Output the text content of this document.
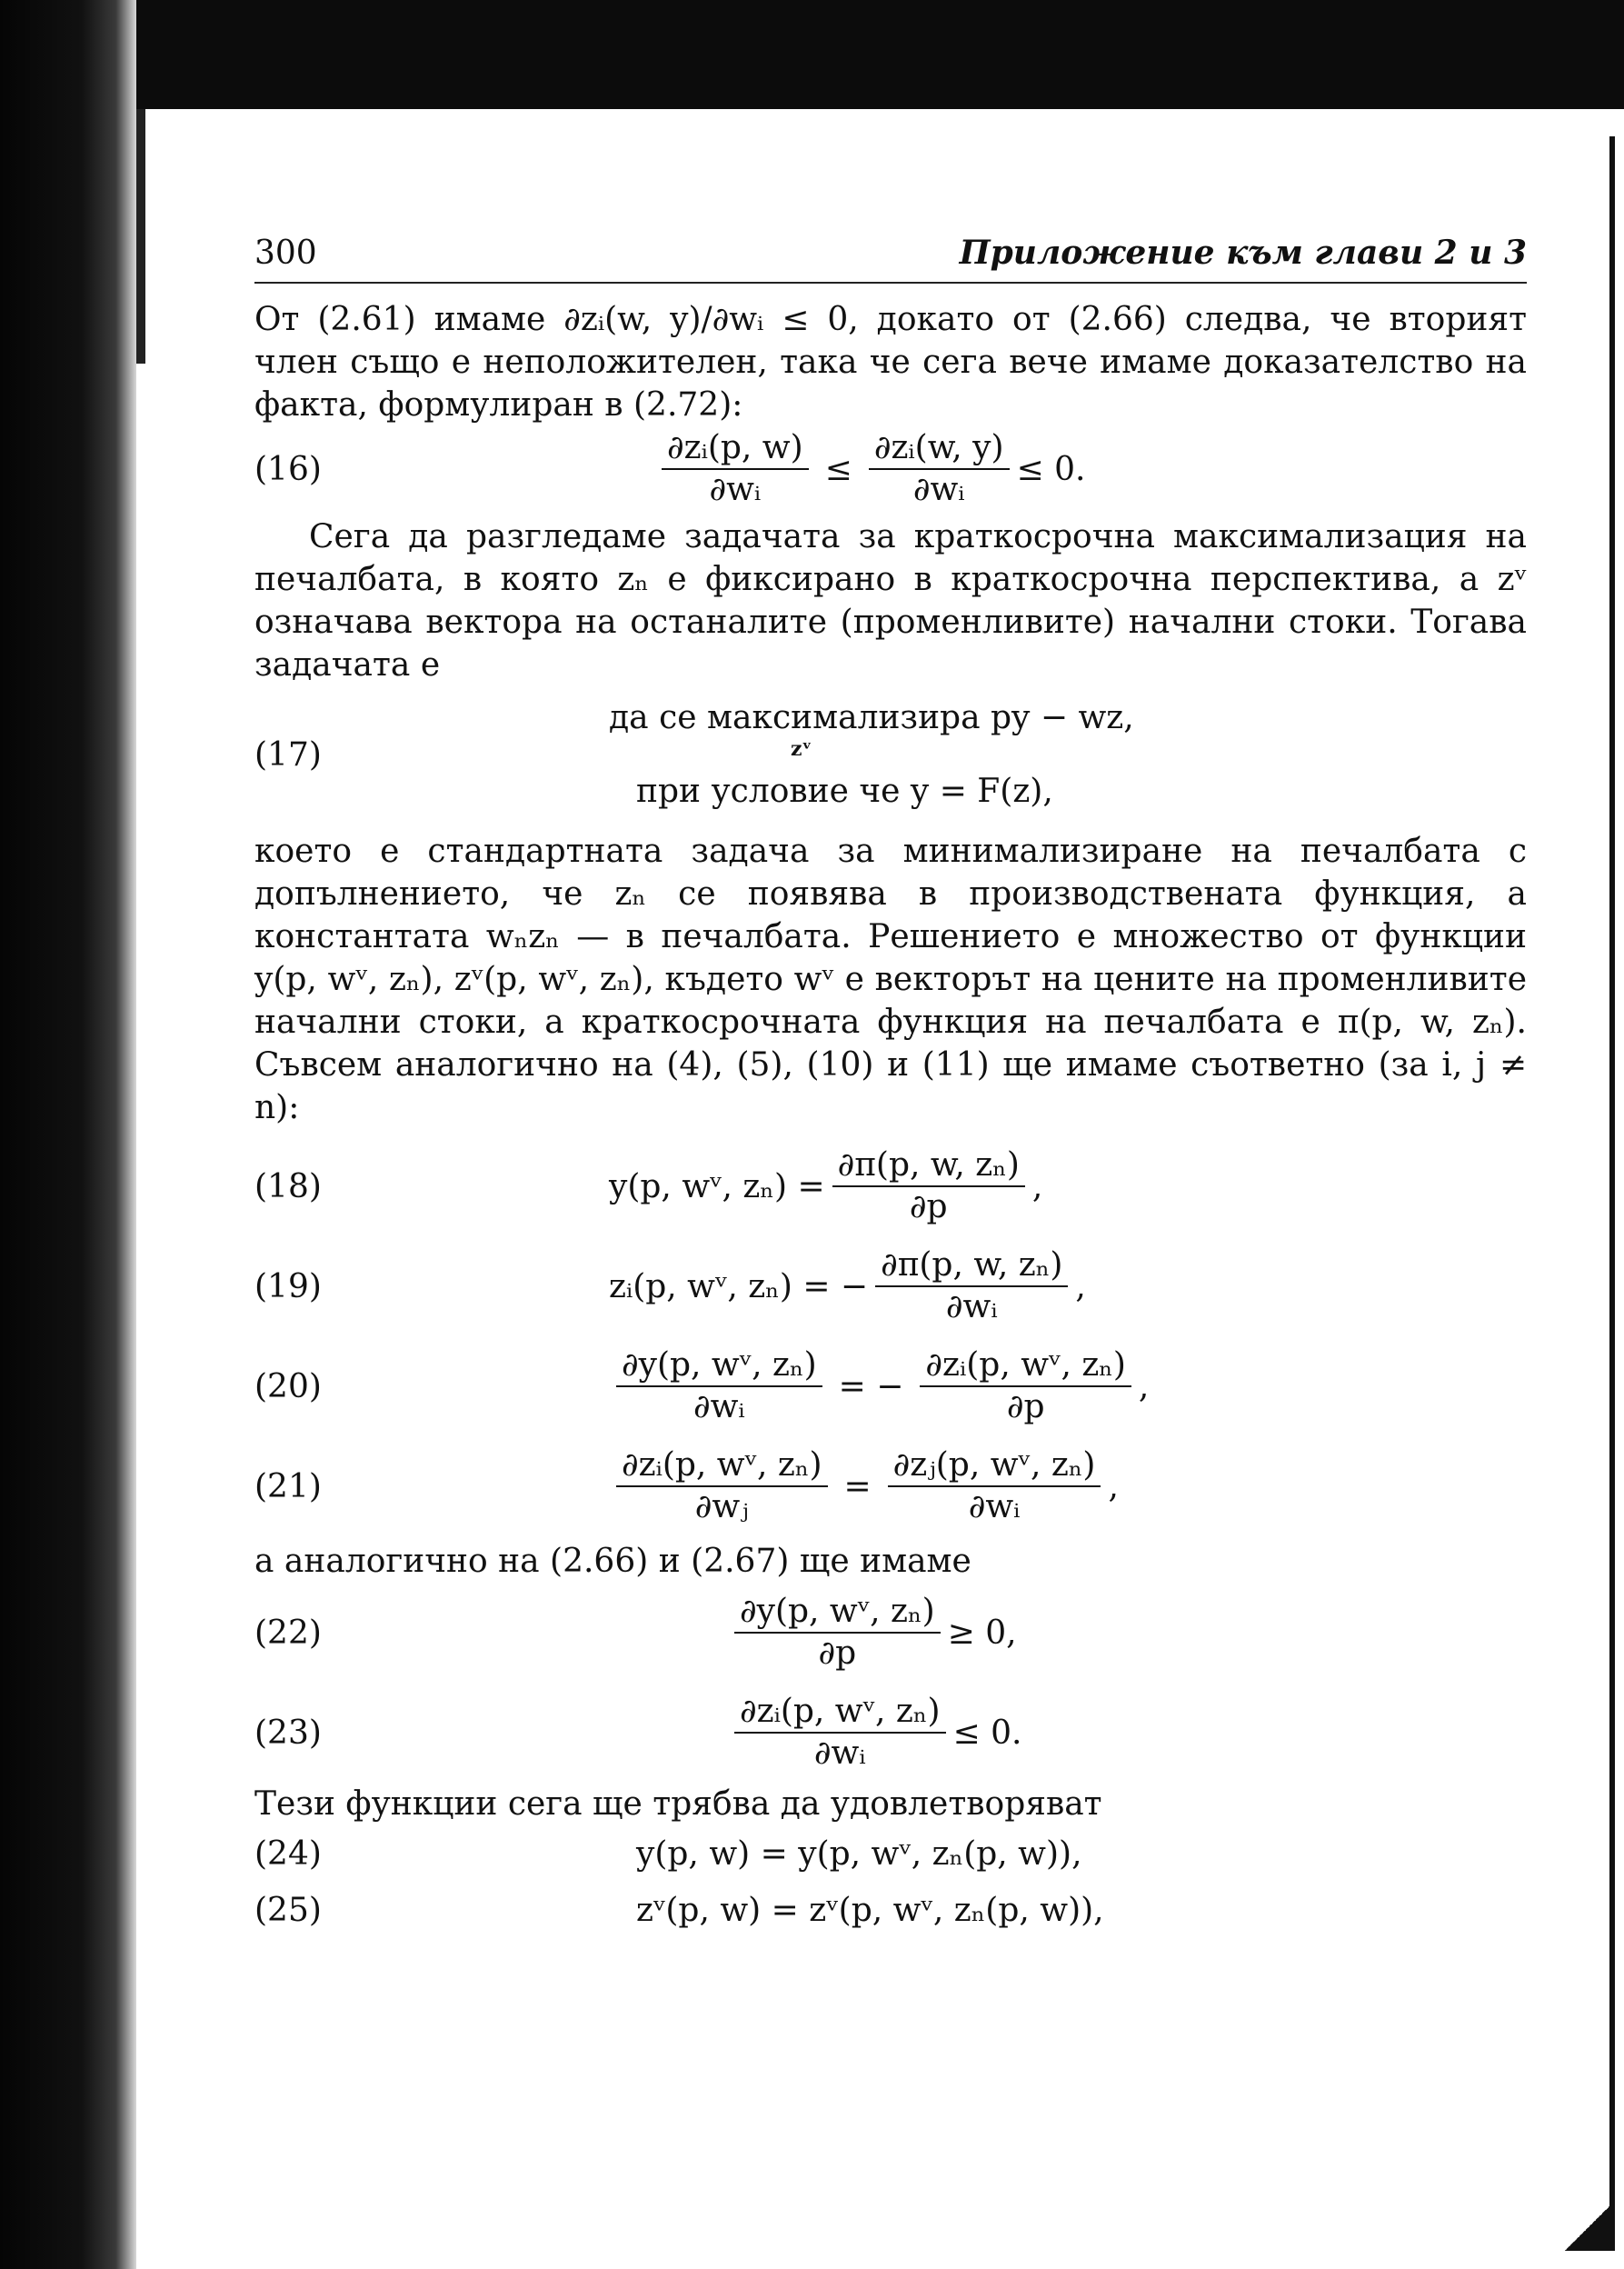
300	Приложение към глави 2 и 3

От (2.61) имаме ∂zᵢ(w, y)/∂wᵢ ≤ 0, докато от (2.66) следва, че вторият член също е неположителен, така че сега вече имаме доказателство на факта, формулиран в (2.72):

(16)	$\frac{\text{∂zᵢ(p, w)}}{\text{∂wᵢ}} \le \frac{\text{∂zᵢ(w, y)}}{\text{∂wᵢ}} \le 0$.

Сега да разгледаме задачата за краткосрочна максимализация на печалбата, в която zₙ е фиксирано в краткосрочна перспектива, а zᵛ означава вектора на останалите (променливите) начални стоки. Тогава задачата е

(17)
да се максимализира py − wz,
zᵛ
при условие че y = F(z),

което е стандартната задача за минимализиране на печалбата с допълнението, че zₙ се появява в производствената функция, а константата wₙzₙ — в печалбата. Решението е множество от функции y(p, wᵛ, zₙ), zᵛ(p, wᵛ, zₙ), където wᵛ е векторът на цените на променливите начални стоки, а краткосрочната функция на печалбата е π(p, w, zₙ). Съвсем аналогично на (4), (5), (10) и (11) ще имаме съответно (за i, j ≠ n):

(18)	y(p, wᵛ, $z_n) = \frac{\text{∂π(p, w, zₙ)}}{\partial p}$ ,
(19)	zᵢ(p, wᵛ, zₙ) = − $\frac{\text{∂π(p, w, zₙ)}}{\text{∂wᵢ}}$ ,
(20)	$\frac{\text{∂y(p, wᵛ, zₙ)}}{\text{∂wᵢ}}$ = − $\frac{\text{∂zᵢ(p, wᵛ, zₙ)}}{\partial p}$ ,
(21)	$\frac{\text{∂zᵢ(p, wᵛ, zₙ)}}{\text{∂wⱼ}} = \frac{\text{∂zⱼ(p, wᵛ, zₙ)}}{\text{∂wᵢ}}$ ,

а аналогично на (2.66) и (2.67) ще имаме

(22)	$\frac{\text{∂y(p, wᵛ, zₙ)}}{\partial p} \ge 0$,
(23)	$\frac{\text{∂zᵢ(p, wᵛ, zₙ)}}{\text{∂wᵢ}} \le 0$.

Тези функции сега ще трябва да удовлетворяват

(24)	y(p, w) = y(p, wᵛ, zₙ(p, w)),
(25)	zᵛ(p, w) = zᵛ(p, wᵛ, zₙ(p, w)),
